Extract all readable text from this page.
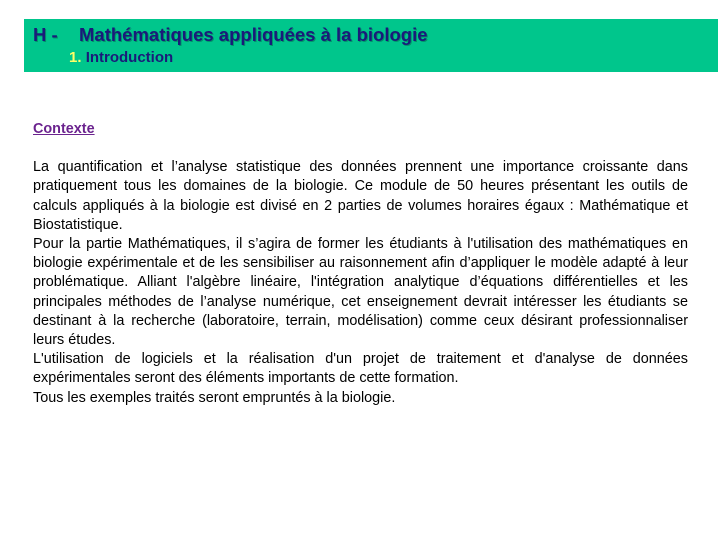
H - Mathématiques appliquées à la biologie
1. Introduction
Contexte

La quantification et l’analyse statistique des données prennent une importance croissante dans pratiquement tous les domaines de la biologie. Ce module de 50 heures présentant les outils de calculs appliqués à la biologie est divisé en 2 parties de volumes horaires égaux : Mathématique et Biostatistique.

Pour la partie Mathématiques, il s’agira de former les étudiants à l'utilisation des mathématiques en biologie expérimentale et de les sensibiliser au raisonnement afin d’appliquer le modèle adapté à leur problématique. Alliant l'algèbre linéaire, l'intégration analytique d’équations différentielles et les principales méthodes de l’analyse numérique, cet enseignement devrait intéresser les étudiants se destinant à la recherche (laboratoire, terrain, modélisation) comme ceux désirant professionnaliser leurs études.

L'utilisation de logiciels et la réalisation d'un projet de traitement et d'analyse de données expérimentales seront des éléments importants de cette formation.

Tous les exemples traités seront empruntés à la biologie.
